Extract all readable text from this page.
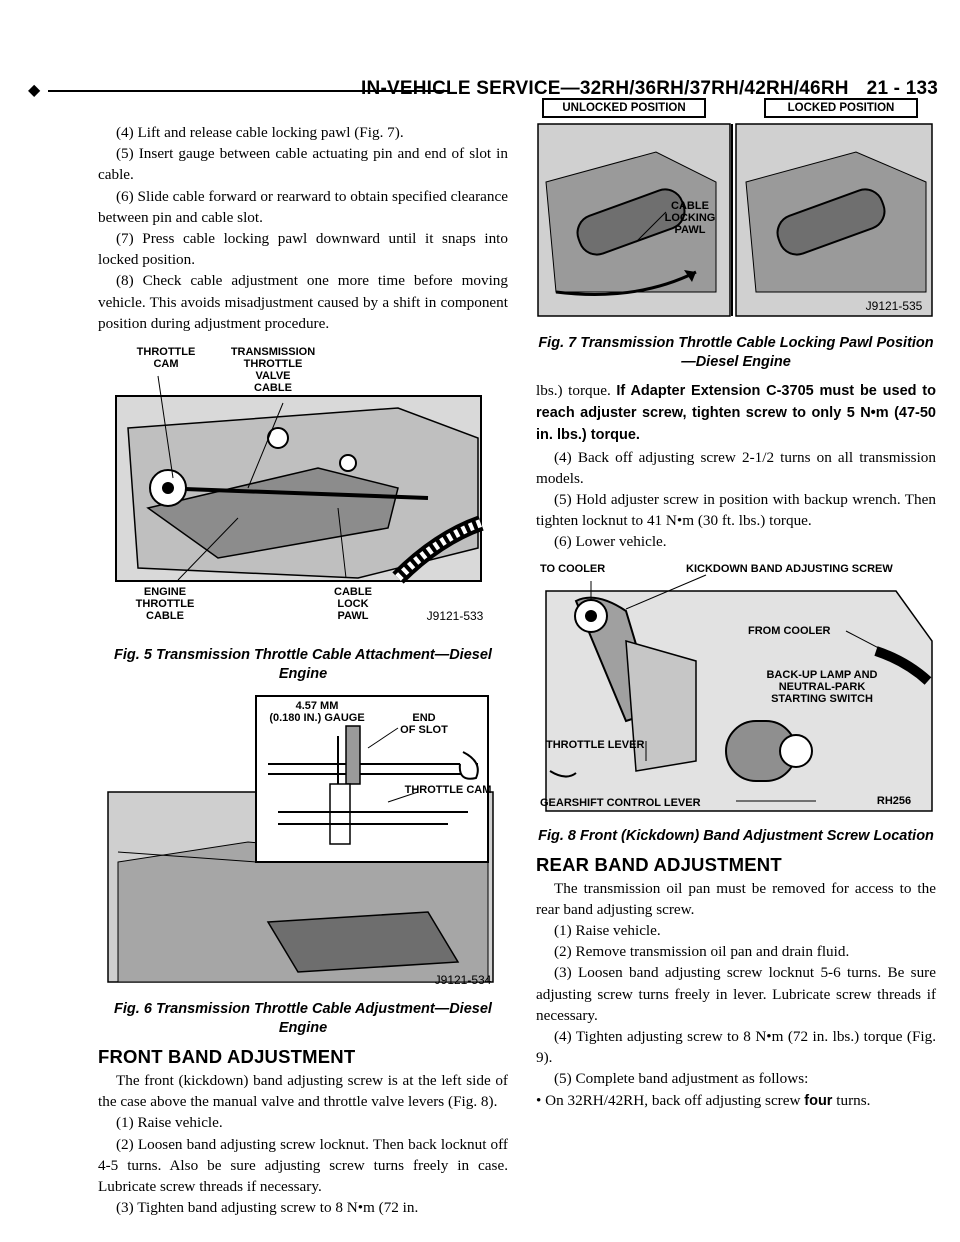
◆	IN-VEHICLE SERVICE—32RH/36RH/37RH/42RH/46RH 21 - 133

(4) Lift and release cable locking pawl (Fig. 7).

(5) Insert gauge between cable actuating pin and end of slot in cable.

(6) Slide cable forward or rearward to obtain specified clearance between pin and cable slot.

(7) Press cable locking pawl downward until it snaps into locked position.

(8) Check cable adjustment one more time before moving vehicle. This avoids misadjustment caused by a shift in component position during adjustment procedure.

THROTTLE
CAM
TRANSMISSION
THROTTLE
VALVE
CABLE
ENGINE
THROTTLE
CABLE
CABLE
LOCK
PAWL	J9121-533
Fig. 5 Transmission Throttle Cable Attachment—Diesel Engine
4.57 MM
(0.180 IN.) GAUGE	END
OF SLOT
THROTTLE CAM
J9121-534
Fig. 6 Transmission Throttle Cable Adjustment—Diesel Engine
FRONT BAND ADJUSTMENT

The front (kickdown) band adjusting screw is at the left side of the case above the manual valve and throttle valve levers (Fig. 8).

(1) Raise vehicle.

(2) Loosen band adjusting screw locknut. Then back locknut off 4-5 turns. Also be sure adjusting screw turns freely in case. Lubricate screw threads if necessary.

(3) Tighten band adjusting screw to 8 N•m (72 in.

UNLOCKED POSITION	LOCKED POSITION
CABLE
LOCKING
PAWL
J9121-535
Fig. 7 Transmission Throttle Cable Locking Pawl Position—Diesel Engine

lbs.) torque. If Adapter Extension C-3705 must be used to reach adjuster screw, tighten screw to only 5 N•m (47-50 in. lbs.) torque.

(4) Back off adjusting screw 2-1/2 turns on all transmission models.

(5) Hold adjuster screw in position with backup wrench. Then tighten locknut to 41 N•m (30 ft. lbs.) torque.

(6) Lower vehicle.

TO COOLER	KICKDOWN BAND ADJUSTING SCREW
FROM COOLER
BACK-UP LAMP AND
NEUTRAL-PARK
STARTING SWITCH
THROTTLE LEVER
GEARSHIFT CONTROL LEVER	RH256
Fig. 8 Front (Kickdown) Band Adjustment Screw Location
REAR BAND ADJUSTMENT

The transmission oil pan must be removed for access to the rear band adjusting screw.

(1) Raise vehicle.

(2) Remove transmission oil pan and drain fluid.

(3) Loosen band adjusting screw locknut 5-6 turns. Be sure adjusting screw turns freely in lever. Lubricate screw threads if necessary.

(4) Tighten adjusting screw to 8 N•m (72 in. lbs.) torque (Fig. 9).

(5) Complete band adjustment as follows:

• On 32RH/42RH, back off adjusting screw four turns.
